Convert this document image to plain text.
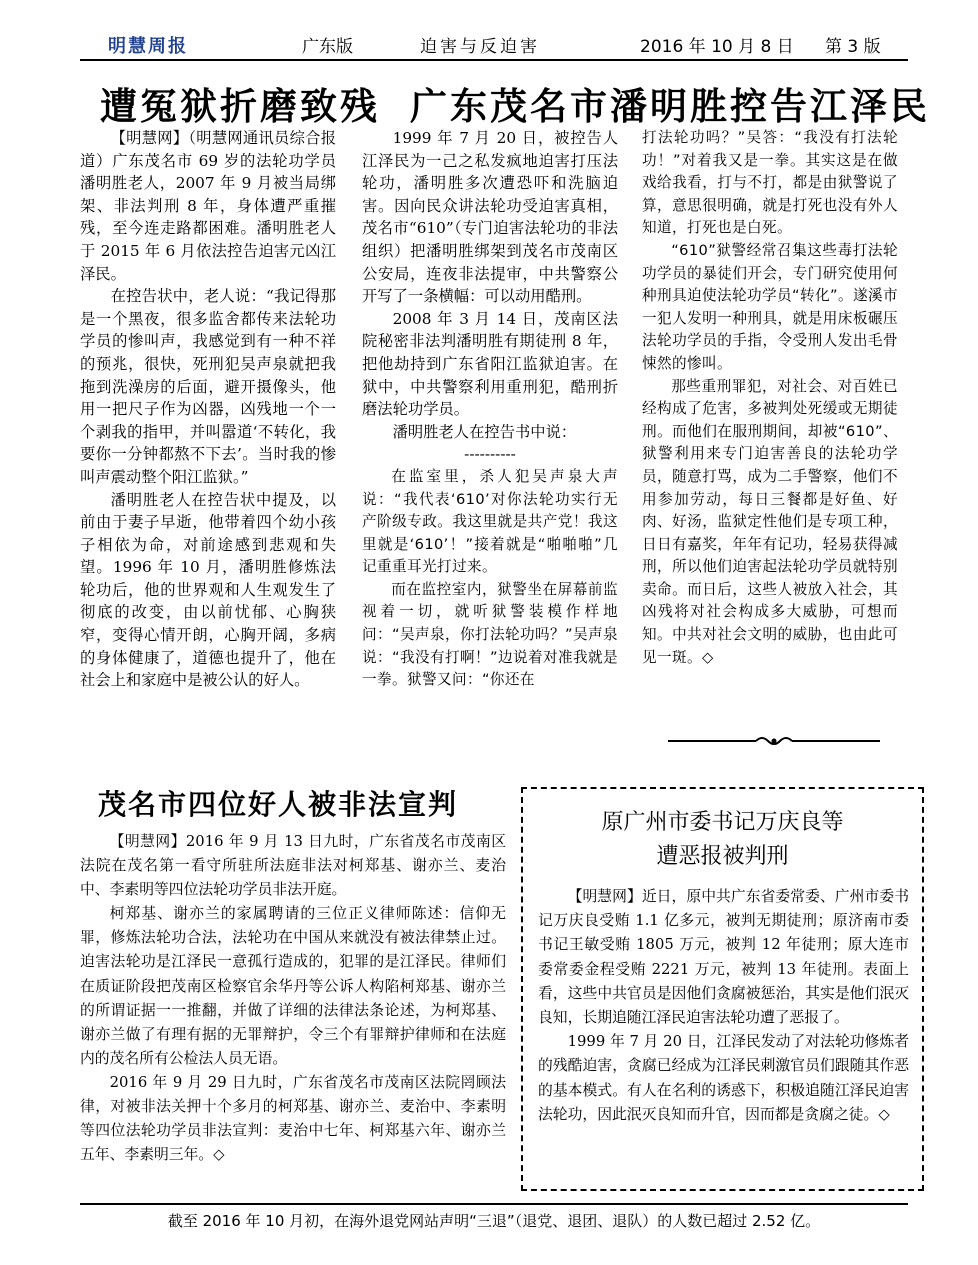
明慧周报	广东版	迫害与反迫害	2016 年 10 月 8 日 第 3 版
遭冤狱折磨致残 广东茂名市潘明胜控告江泽民

【明慧网】（明慧网通讯员综合报道）广东茂名市 69 岁的法轮功学员潘明胜老人，2007 年 9 月被当局绑架、非法判刑 8 年，身体遭严重摧残，至今连走路都困难。潘明胜老人于 2015 年 6 月依法控告迫害元凶江泽民。

在控告状中，老人说：“我记得那是一个黑夜，很多监舍都传来法轮功学员的惨叫声，我感觉到有一种不祥的预兆，很快，死刑犯吴声泉就把我拖到洗澡房的后面，避开摄像头，他用一把尺子作为凶器，凶残地一个一个剥我的指甲，并叫嚣道‘不转化，我要你一分钟都熬不下去’。当时我的惨叫声震动整个阳江监狱。”

潘明胜老人在控告状中提及，以前由于妻子早逝，他带着四个幼小孩子相依为命，对前途感到悲观和失望。1996 年 10 月，潘明胜修炼法轮功后，他的世界观和人生观发生了彻底的改变，由以前忧郁、心胸狭窄，变得心情开朗，心胸开阔，多病的身体健康了，道德也提升了，他在社会上和家庭中是被公认的好人。

1999 年 7 月 20 日，被控告人江泽民为一己之私发疯地迫害打压法轮功，潘明胜多次遭恐吓和洗脑迫害。因向民众讲法轮功受迫害真相，茂名市“610”（专门迫害法轮功的非法组织）把潘明胜绑架到茂名市茂南区公安局，连夜非法提审，中共警察公开写了一条横幅：可以动用酷刑。

2008 年 3 月 14 日，茂南区法院秘密非法判潘明胜有期徒刑 8 年，把他劫持到广东省阳江监狱迫害。在狱中，中共警察利用重刑犯，酷刑折磨法轮功学员。

潘明胜老人在控告书中说：

----------

在监室里，杀人犯吴声泉大声说：“我代表‘610’对你法轮功实行无产阶级专政。我这里就是共产党！我这里就是‘610’！”接着就是“啪啪啪”几记重重耳光打过来。

而在监控室内，狱警坐在屏幕前监视着一切，就听狱警装模作样地问：“吴声泉，你打法轮功吗？”吴声泉说：“我没有打啊！”边说着对准我就是一拳。狱警又问：“你还在

打法轮功吗？”吴答：“我没有打法轮功！”对着我又是一拳。其实这是在做戏给我看，打与不打，都是由狱警说了算，意思很明确，就是打死也没有外人知道，打死也是白死。

“610”狱警经常召集这些毒打法轮功学员的暴徒们开会，专门研究使用何种刑具迫使法轮功学员“转化”。遂溪市一犯人发明一种刑具，就是用床板碾压法轮功学员的手指，令受刑人发出毛骨悚然的惨叫。

那些重刑罪犯，对社会、对百姓已经构成了危害，多被判处死缓或无期徒刑。而他们在服刑期间，却被“610”、狱警利用来专门迫害善良的法轮功学员，随意打骂，成为二手警察，他们不用参加劳动，每日三餐都是好鱼、好肉、好汤，监狱定性他们是专项工种，日日有嘉奖，年年有记功，轻易获得减刑，所以他们迫害起法轮功学员就特别卖命。而日后，这些人被放入社会，其凶残将对社会构成多大威胁，可想而知。中共对社会文明的威胁，也由此可见一斑。◇

茂名市四位好人被非法宣判

【明慧网】2016 年 9 月 13 日九时，广东省茂名市茂南区法院在茂名第一看守所驻所法庭非法对柯郑基、谢亦兰、麦治中、李素明等四位法轮功学员非法开庭。

柯郑基、谢亦兰的家属聘请的三位正义律师陈述：信仰无罪，修炼法轮功合法，法轮功在中国从来就没有被法律禁止过。迫害法轮功是江泽民一意孤行造成的，犯罪的是江泽民。律师们在质证阶段把茂南区检察官余华丹等公诉人构陷柯郑基、谢亦兰的所谓证据一一推翻，并做了详细的法律法条论述，为柯郑基、谢亦兰做了有理有据的无罪辩护，令三个有罪辩护律师和在法庭内的茂名所有公检法人员无语。

2016 年 9 月 29 日九时，广东省茂名市茂南区法院罔顾法律，对被非法关押十个多月的柯郑基、谢亦兰、麦治中、李素明等四位法轮功学员非法宣判：麦治中七年、柯郑基六年、谢亦兰五年、李素明三年。◇

原广州市委书记万庆良等
遭恶报被判刑

【明慧网】近日，原中共广东省委常委、广州市委书记万庆良受贿 1.1 亿多元，被判无期徒刑；原济南市委书记王敏受贿 1805 万元，被判 12 年徒刑；原大连市委常委金程受贿 2221 万元，被判 13 年徒刑。表面上看，这些中共官员是因他们贪腐被惩治，其实是他们泯灭良知，长期追随江泽民迫害法轮功遭了恶报了。

1999 年 7 月 20 日，江泽民发动了对法轮功修炼者的残酷迫害，贪腐已经成为江泽民刺激官员们跟随其作恶的基本模式。有人在名利的诱惑下，积极追随江泽民迫害法轮功，因此泯灭良知而升官，因而都是贪腐之徒。◇

截至 2016 年 10 月初，在海外退党网站声明“三退”（退党、退团、退队）的人数已超过 2.52 亿。
